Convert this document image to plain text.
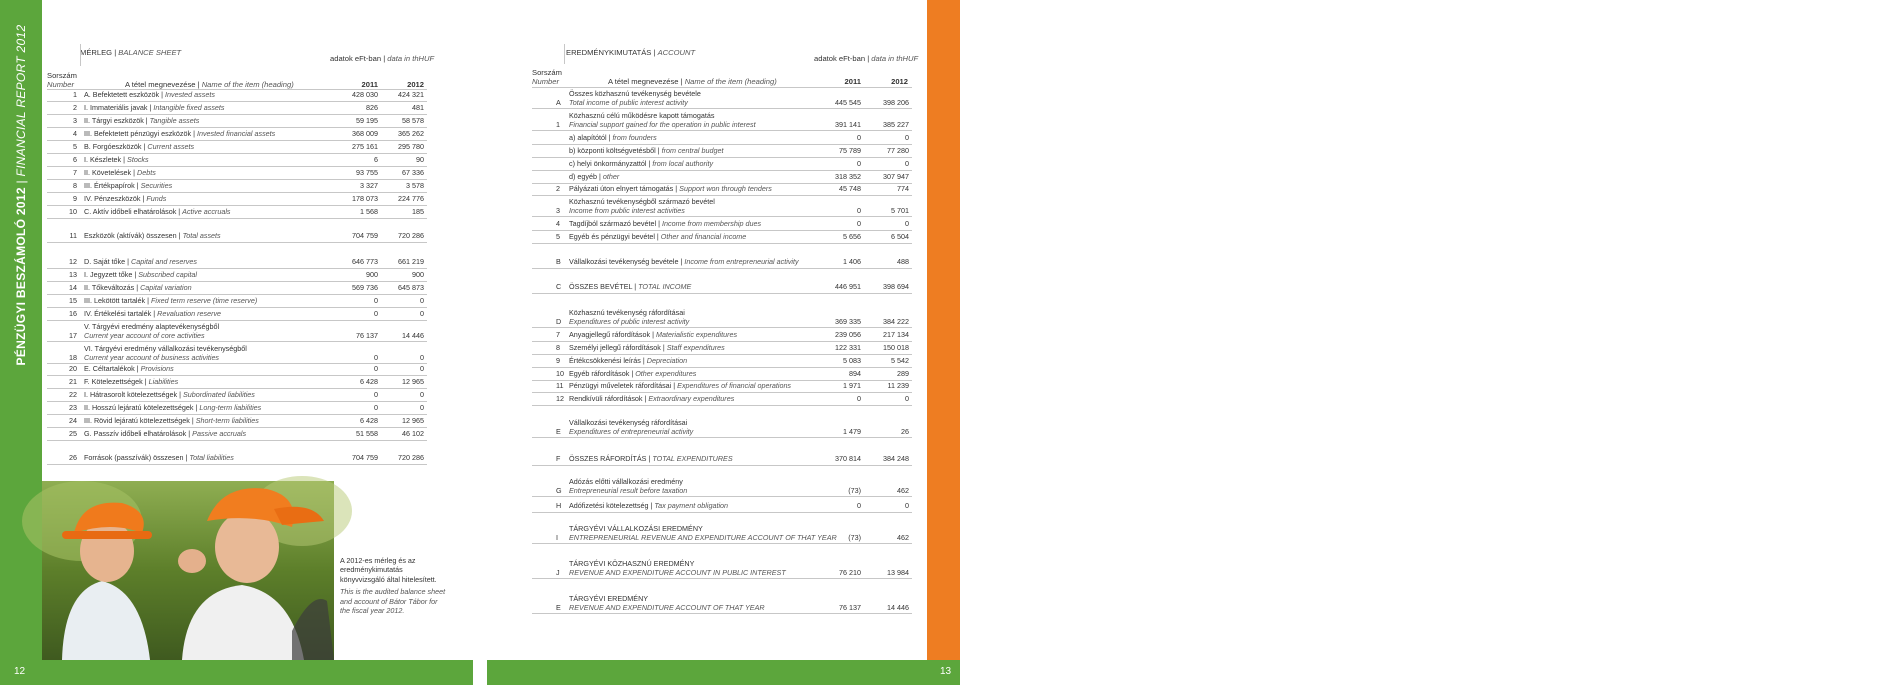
PÉNZÜGYI BESZÁMOLÓ 2012 | FINANCIAL REPORT 2012	PÉNZÜGYI BESZÁMOLÓ 2012 | FINANCIAL REPORT 2012
12	13
MÉRLEG | BALANCE SHEET
adatok eFt-ban | data in thHUF
Sorszám
Number	A tétel megnevezése | Name of the item (heading)	2011	2012
1 A. Befektetett eszközök | Invested assets	428 030	424 321
2 I. Immateriális javak | Intangible fixed assets	826	481
3 II. Tárgyi eszközök | Tangible assets	59 195	58 578
4 III. Befektetett pénzügyi eszközök | Invested financial assets	368 009	365 262
5 B. Forgóeszközök | Current assets	275 161	295 780
6 I. Készletek | Stocks	6	90
7 II. Követelések | Debts	93 755	67 336
8 III. Értékpapírok | Securities	3 327	3 578
9 IV. Pénzeszközök | Funds	178 073	224 776
10 C. Aktív időbeli elhatárolások | Active accruals	1 568	185
11 Eszközök (aktívák) összesen | Total assets	704 759	720 286
12 D. Saját tőke | Capital and reserves	646 773	661 219
13 I. Jegyzett tőke | Subscribed capital	900	900
14 II. Tőkeváltozás | Capital variation	569 736	645 873
15 III. Lekötött tartalék | Fixed term reserve (time reserve)	0	0
16 IV. Értékelési tartalék | Revaluation reserve	0	0
17
V. Tárgyévi eredmény alaptevékenységből
Current year account of core activities	76 137	14 446
18
VI. Tárgyévi eredmény vállalkozási tevékenységből
Current year account of business activities	0	0
20 E. Céltartalékok | Provisions	0	0
21 F. Kötelezettségek | Liabilities	6 428	12 965
22 I. Hátrasorolt kötelezettségek | Subordinated liabilities	0	0
23 II. Hosszú lejáratú kötelezettségek | Long-term liabilities	0	0
24 III. Rövid lejáratú kötelezettségek | Short-term liabilities	6 428	12 965
25 G. Passzív időbeli elhatárolások | Passive accruals	51 558	46 102
26 Források (passzívák) összesen | Total liabilities	704 759	720 286
EREDMÉNYKIMUTATÁS | ACCOUNT
adatok eFt-ban | data in thHUF
Sorszám
Number	A tétel megnevezése | Name of the item (heading)	2011	2012
A
Összes közhasznú tevékenység bevétele
Total income of public interest activity	445 545	398 206
1
Közhasznú célú működésre kapott támogatás
Financial support gained for the operation in public interest	391 141	385 227
a) alapítótól | from founders	0	0
b) központi költségvetésből | from central budget	75 789	77 280
c) helyi önkormányzattól | from local authority	0	0
d) egyéb | other	318 352	307 947
2 Pályázati úton elnyert támogatás | Support won through tenders	45 748	774
3
Közhasznú tevékenységből származó bevétel
Income from public interest activities	0	5 701
4 Tagdíjból származó bevétel | Income from membership dues	0	0
5 Egyéb és pénzügyi bevétel | Other and financial income	5 656	6 504
B Vállalkozási tevékenység bevétele | Income from entrepreneurial activity	1 406	488
C ÖSSZES BEVÉTEL | TOTAL INCOME	446 951	398 694
D
Közhasznú tevékenység ráfordításai
Expenditures of public interest activity	369 335	384 222
7 Anyagjellegű ráfordítások | Materialistic expenditures	239 056	217 134
8 Személyi jellegű ráfordítások | Staff expenditures	122 331	150 018
9 Értékcsökkenési leírás | Depreciation	5 083	5 542
10 Egyéb ráfordítások | Other expenditures	894	289
11 Pénzügyi műveletek ráfordításai | Expenditures of financial operations	1 971	11 239
12 Rendkívüli ráfordítások | Extraordinary expenditures	0	0
E
Vállalkozási tevékenység ráfordításai
Expenditures of entrepreneurial activity	1 479	26
F ÖSSZES RÁFORDÍTÁS | TOTAL EXPENDITURES	370 814	384 248
G
Adózás előtti vállalkozási eredmény
Entrepreneurial result before taxation	(73)	462
H Adófizetési kötelezettség | Tax payment obligation	0	0
I
TÁRGYÉVI VÁLLALKOZÁSI EREDMÉNY
ENTREPRENEURIAL REVENUE AND EXPENDITURE ACCOUNT OF THAT YEAR	(73)	462
J
TÁRGYÉVI KÖZHASZNÚ EREDMÉNY
REVENUE AND EXPENDITURE ACCOUNT IN PUBLIC INTEREST	76 210	13 984
E
TÁRGYÉVI EREDMÉNY
REVENUE AND EXPENDITURE ACCOUNT OF THAT YEAR	76 137	14 446

A 2012-es mérleg és az eredménykimutatás könyvvizsgáló által hitelesített.

This is the audited balance sheet and account of Bátor Tábor for the fiscal year 2012.
